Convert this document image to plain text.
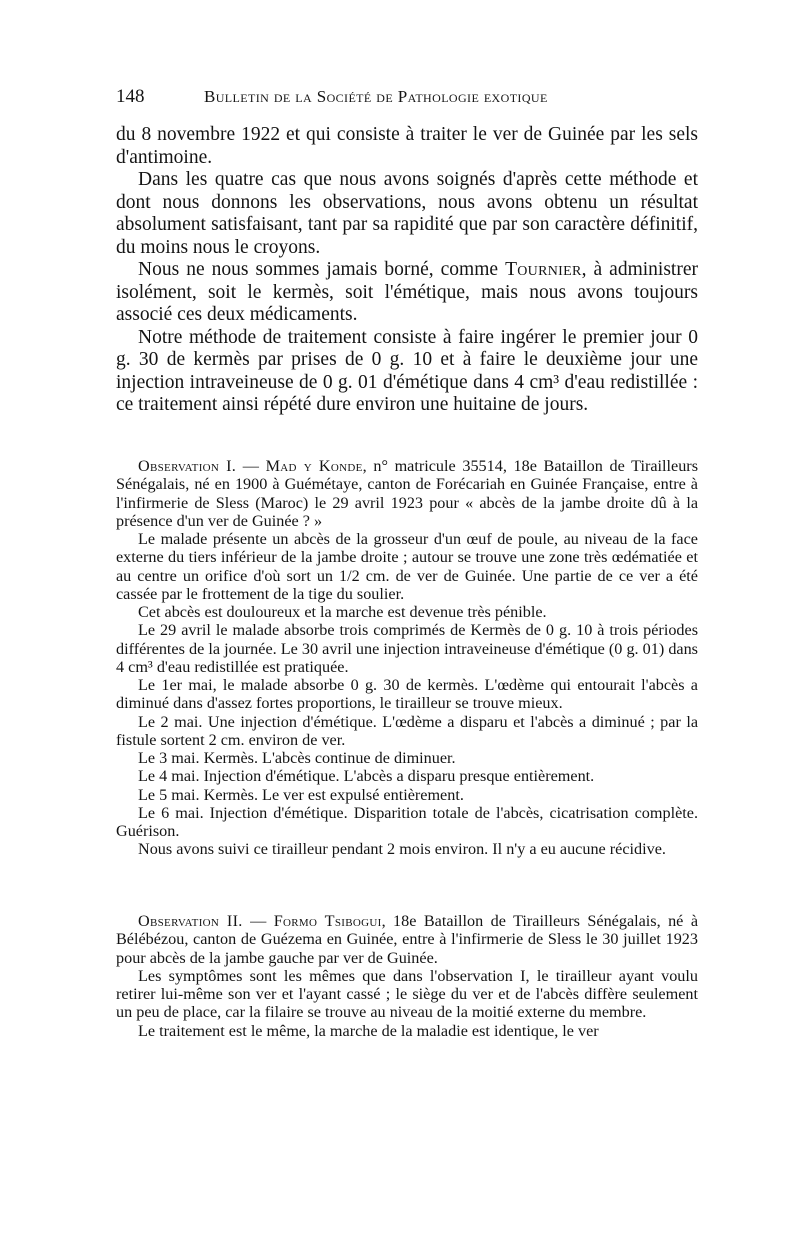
148	Bulletin de la Société de Pathologie exotique

du 8 novembre 1922 et qui consiste à traiter le ver de Guinée par les sels d'antimoine.

Dans les quatre cas que nous avons soignés d'après cette méthode et dont nous donnons les observations, nous avons obtenu un résultat absolument satisfaisant, tant par sa rapidité que par son caractère définitif, du moins nous le croyons.

Nous ne nous sommes jamais borné, comme Tournier, à administrer isolément, soit le kermès, soit l'émétique, mais nous avons toujours associé ces deux médicaments.

Notre méthode de traitement consiste à faire ingérer le premier jour 0 g. 30 de kermès par prises de 0 g. 10 et à faire le deuxième jour une injection intraveineuse de 0 g. 01 d'émétique dans 4 cm³ d'eau redistillée : ce traitement ainsi répété dure environ une huitaine de jours.

Observation I. — Mad y Konde, n° matricule 35514, 18e Bataillon de Tirailleurs Sénégalais, né en 1900 à Guémétaye, canton de Forécariah en Guinée Française, entre à l'infirmerie de Sless (Maroc) le 29 avril 1923 pour « abcès de la jambe droite dû à la présence d'un ver de Guinée ? »

Le malade présente un abcès de la grosseur d'un œuf de poule, au niveau de la face externe du tiers inférieur de la jambe droite ; autour se trouve une zone très œdématiée et au centre un orifice d'où sort un 1/2 cm. de ver de Guinée. Une partie de ce ver a été cassée par le frottement de la tige du soulier.

Cet abcès est douloureux et la marche est devenue très pénible.

Le 29 avril le malade absorbe trois comprimés de Kermès de 0 g. 10 à trois périodes différentes de la journée. Le 30 avril une injection intraveineuse d'émétique (0 g. 01) dans 4 cm³ d'eau redistillée est pratiquée.

Le 1er mai, le malade absorbe 0 g. 30 de kermès. L'œdème qui entourait l'abcès a diminué dans d'assez fortes proportions, le tirailleur se trouve mieux.

Le 2 mai. Une injection d'émétique. L'œdème a disparu et l'abcès a diminué ; par la fistule sortent 2 cm. environ de ver.

Le 3 mai. Kermès. L'abcès continue de diminuer.

Le 4 mai. Injection d'émétique. L'abcès a disparu presque entièrement.

Le 5 mai. Kermès. Le ver est expulsé entièrement.

Le 6 mai. Injection d'émétique. Disparition totale de l'abcès, cicatrisation complète. Guérison.

Nous avons suivi ce tirailleur pendant 2 mois environ. Il n'y a eu aucune récidive.

Observation II. — Formo Tsibogui, 18e Bataillon de Tirailleurs Sénégalais, né à Bélébézou, canton de Guézema en Guinée, entre à l'infirmerie de Sless le 30 juillet 1923 pour abcès de la jambe gauche par ver de Guinée.

Les symptômes sont les mêmes que dans l'observation I, le tirailleur ayant voulu retirer lui-même son ver et l'ayant cassé ; le siège du ver et de l'abcès diffère seulement un peu de place, car la filaire se trouve au niveau de la moitié externe du membre.

Le traitement est le même, la marche de la maladie est identique, le ver
